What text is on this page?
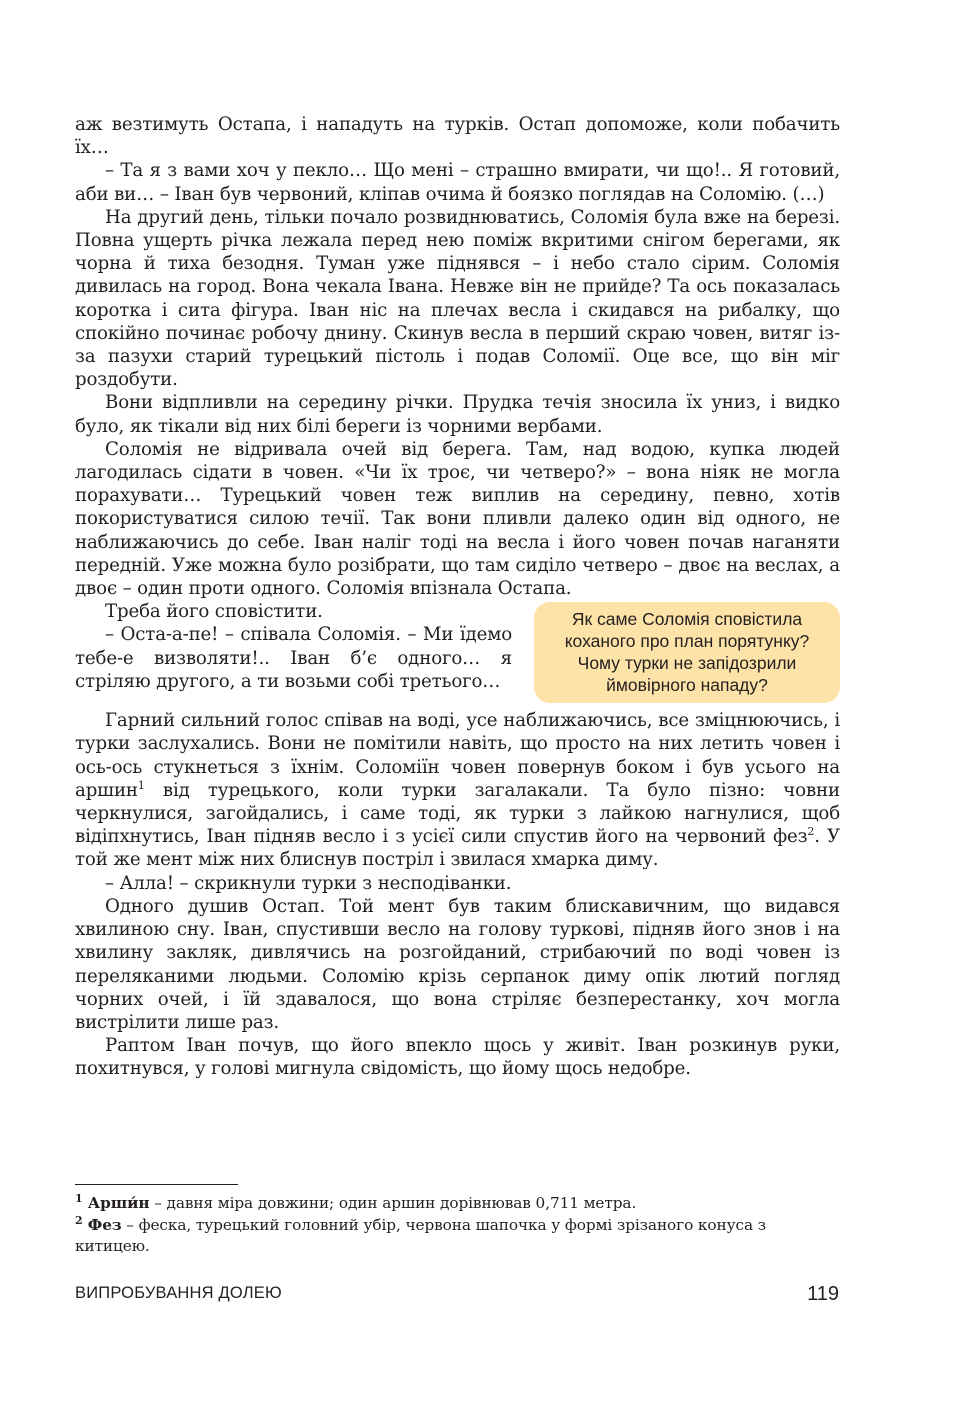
аж везтимуть Остапа, і нападуть на турків. Остап допоможе, коли побачить їх…

– Та я з вами хоч у пекло… Що мені – страшно вмирати, чи що!.. Я готовий, аби ви… – Іван був червоний, кліпав очима й боязко поглядав на Соломію. (…)

На другий день, тільки почало розвиднюватись, Соломія була вже на березі. Повна ущерть річка лежала перед нею поміж вкритими снігом берегами, як чорна й тиха безодня. Туман уже піднявся – і небо стало сірим. Соломія дивилась на город. Вона чекала Івана. Невже він не прийде? Та ось показалась коротка і сита фігура. Іван ніс на плечах весла і скидався на рибалку, що спокійно починає робочу днину. Скинув весла в перший скраю човен, витяг із-за пазухи старий турецький пістоль і подав Соломії. Оце все, що він міг роздобути.

Вони відпливли на середину річки. Прудка течія зносила їх униз, і видко було, як тікали від них білі береги із чорними вербами.

Соломія не відривала очей від берега. Там, над водою, купка людей лагодилась сідати в човен. «Чи їх троє, чи четверо?» – вона ніяк не могла порахувати… Турецький човен теж виплив на середину, певно, хотів покористуватися силою течії. Так вони пливли далеко один від одного, не наближаючись до себе. Іван наліг тоді на весла і його човен почав наганяти передній. Уже можна було розібрати, що там сидiло четверо – двоє на веслах, а двоє – один проти одного. Соломія впізнала Остапа.

Як саме Соломія сповістила коханого про план порятунку? Чому турки не запідозрили ймовірного нападу?

Треба його сповістити.

– Оста-а-пе! – співала Соломія. – Ми їдемо тебе-е визволяти!.. Іван б’є одного… я стріляю другого, а ти возьми собі третього…

Гарний сильний голос співав на воді, усе наближаючись, все зміцнюючись, і турки заслухались. Вони не помітили навіть, що просто на них летить човен і ось-ось стукнеться з їхнім. Соломіїн човен повернув боком і був усього на аршин$^1$ від турецького, коли турки загалакали. Та було пізно: човни черкнулися, загойдались, і саме тоді, як турки з лайкою нагнулися, щоб відіпхнутись, Іван підняв весло і з усієї сили спустив його на червоний фез$^2$. У той же мент між них блиснув постріл і звилася хмарка диму.

– Алла! – скрикнули турки з несподіванки.

Одного душив Остап. Той мент був таким блискавичним, що видався хвилиною сну. Іван, спустивши весло на голову туркові, підняв його знов і на хвилину закляк, дивлячись на розгойданий, стрибаючий по воді човен із переляканими людьми. Соломію крізь серпанок диму опік лютий погляд чорних очей, і їй здавалося, що вона стріляє безперестанку, хоч могла вистрілити лише раз.

Раптом Іван почув, що його впекло щось у живіт. Іван розкинув руки, похитнувся, у голові мигнула свідомість, що йому щось недобре.

$^1$ Арши́н – давня міра довжини; один аршин дорівнював 0,711 метра.

$^2$ Фез – феска, турецький головний убір, червона шапочка у формі зрізаного конуса з китицею.

ВИПРОБУВАННЯ ДОЛЕЮ	119
